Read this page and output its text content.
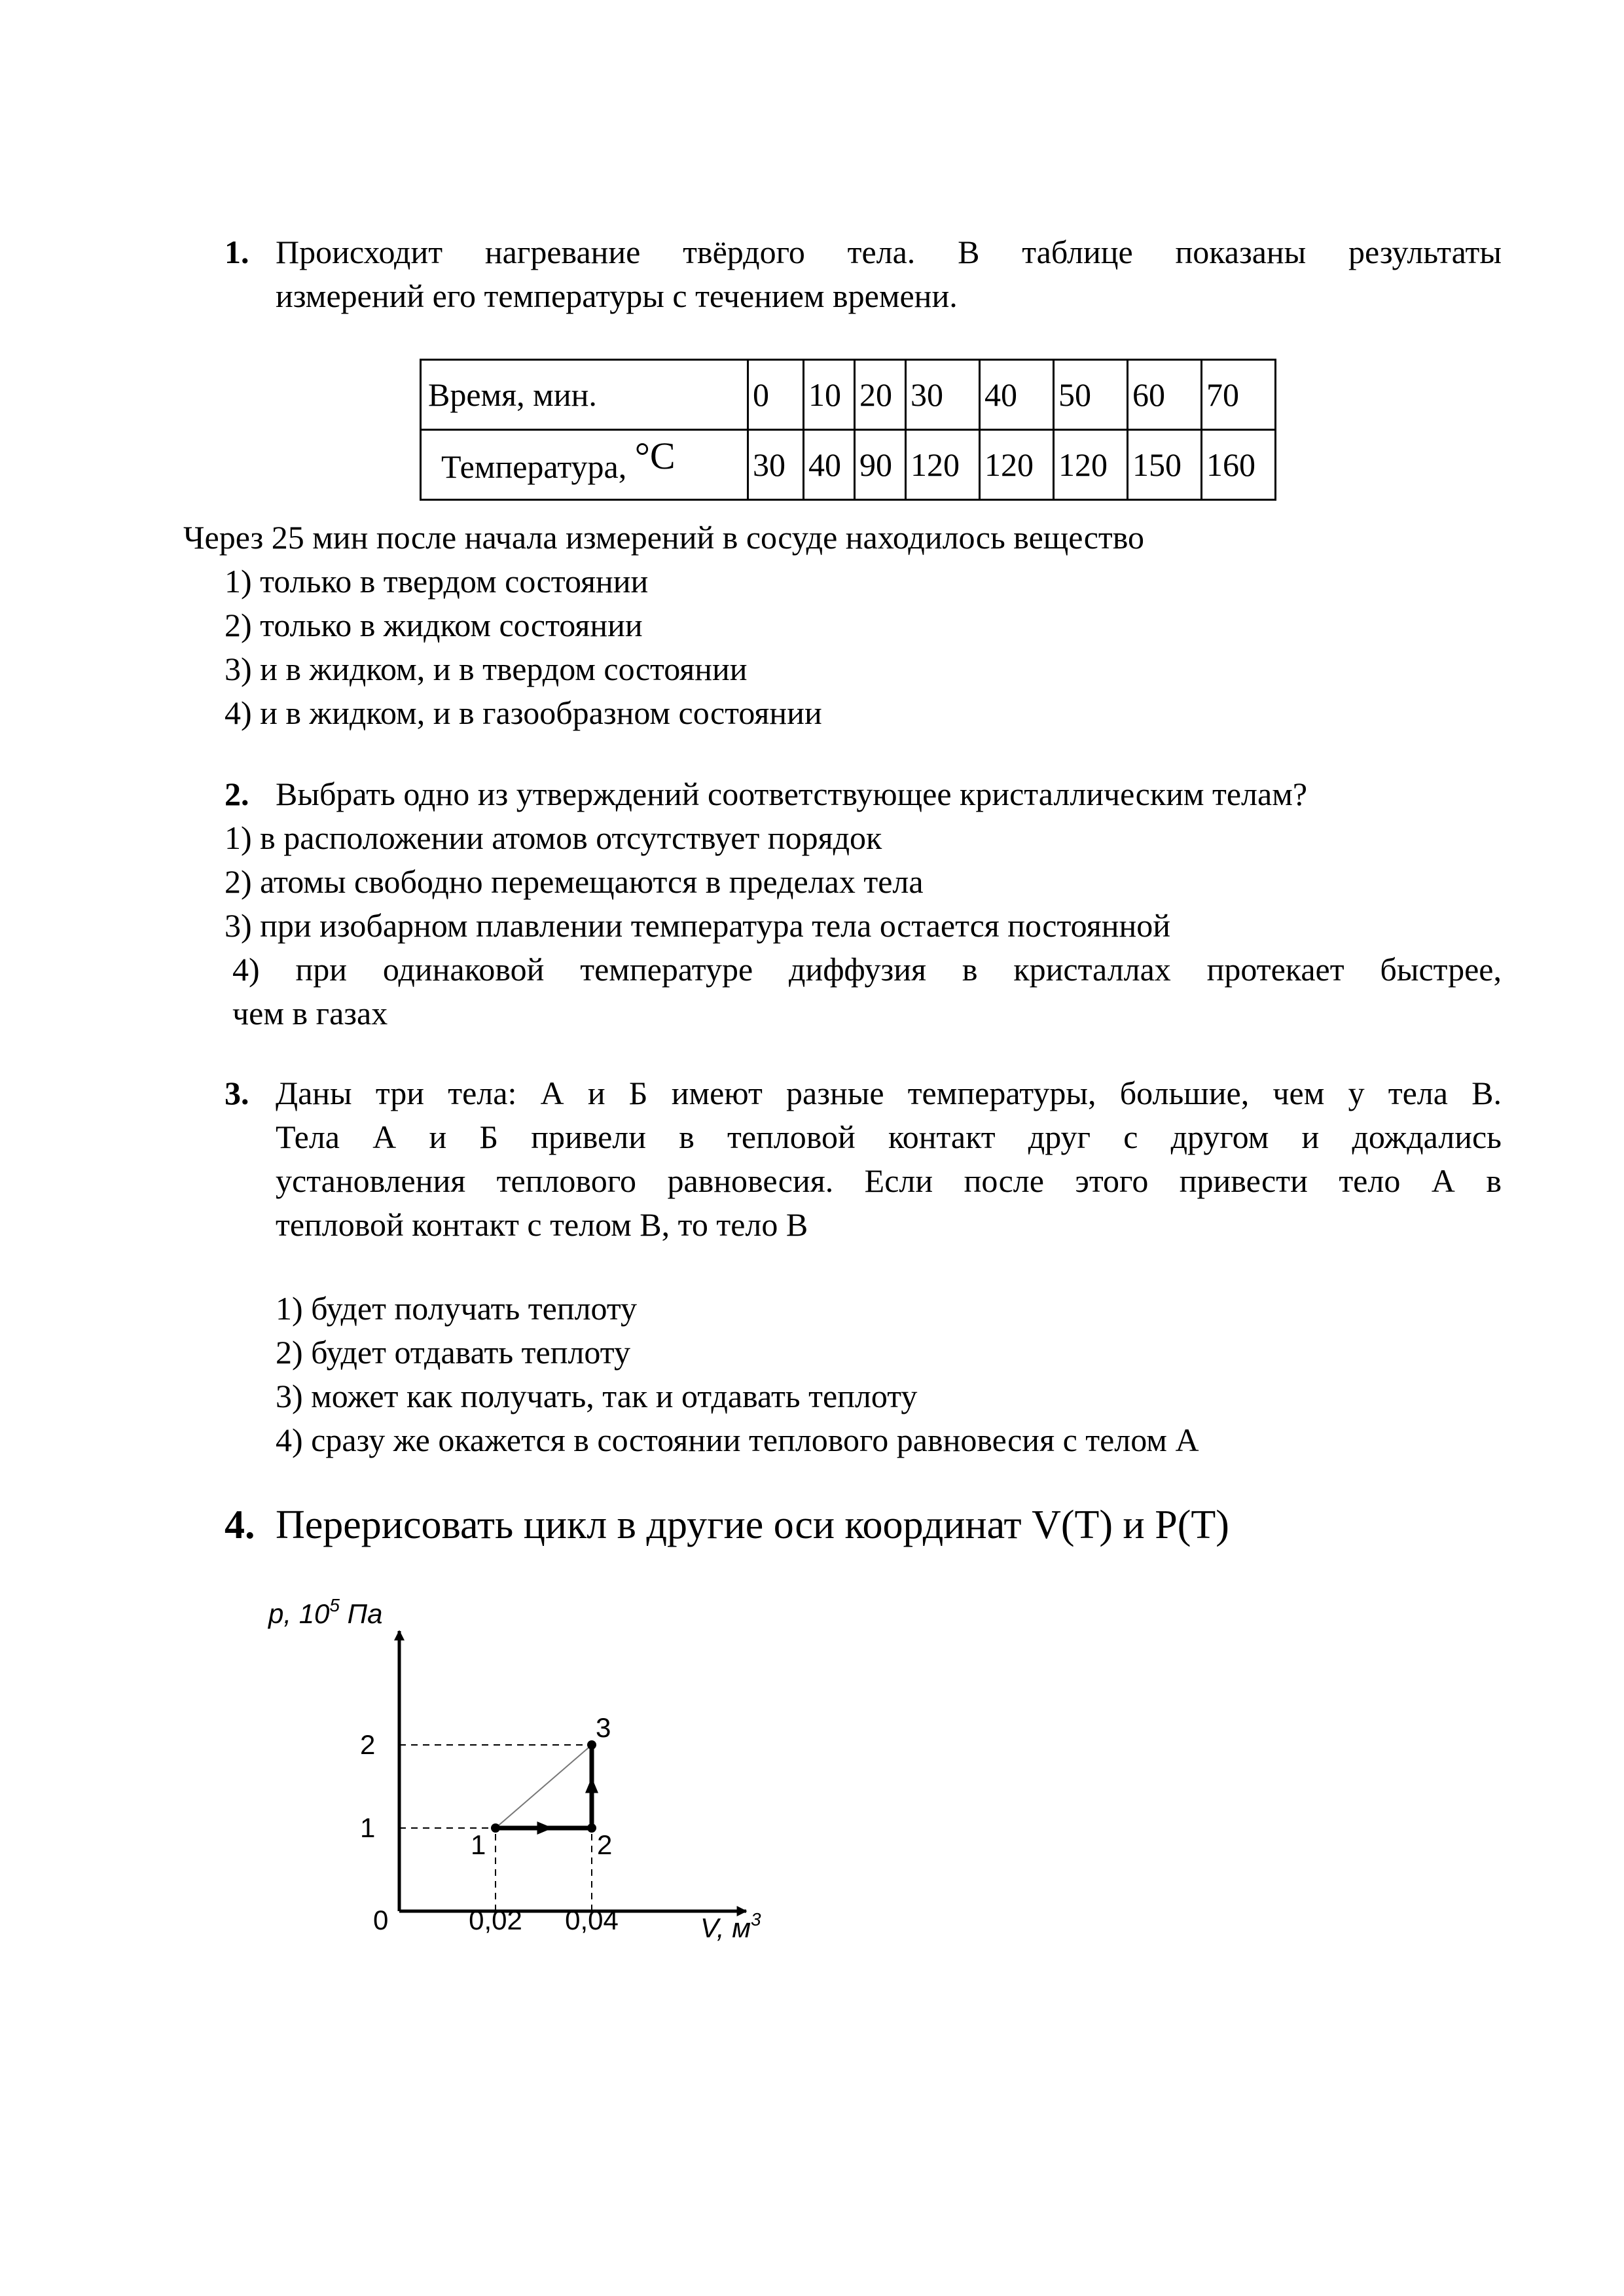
1. Происходит нагревание твёрдого тела. В таблице показаны результаты
измерений его температуры с течением времени.
Время, мин.	0	10	20	30	40	50	60	70
Температура, °C	30	40	90	120	120	120	150	160
Через 25 мин после начала измерений в сосуде находилось вещество
1) только в твердом состоянии
2) только в жидком состоянии
3) и в жидком, и в твердом состоянии
4) и в жидком, и в газообразном состоянии
2. Выбрать одно из утверждений соответствующее кристаллическим телам?
1) в расположении атомов отсутствует порядок
2) атомы свободно перемещаются в пределах тела
3) при изобарном плавлении температура тела остается постоянной
4) при одинаковой температуре диффузия в кристаллах протекает быстрее,
чем в газах
3. Даны три тела: А и Б имеют разные температуры, большие, чем у тела В.
Тела А и Б привели в тепловой контакт друг с другом и дождались
установления теплового равновесия. Если после этого привести тело А в
тепловой контакт с телом В, то тело В
1) будет получать теплоту
2) будет отдавать теплоту
3) может как получать, так и отдавать теплоту
4) сразу же окажется в состоянии теплового равновесия с телом А
4. Перерисовать цикл в другие оси координат V(T) и P(T)
p, $10^5$ Па
V, $м^3$
0
1	2
3
1
2
0,02 0,04
